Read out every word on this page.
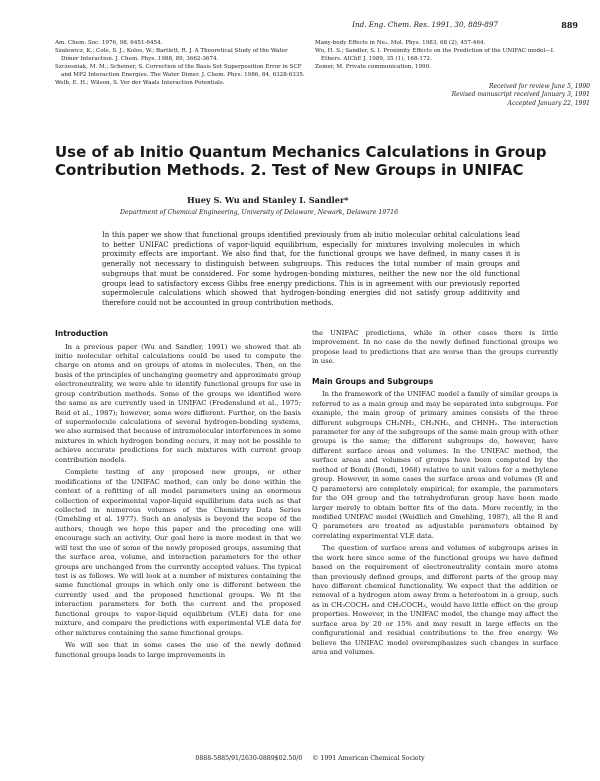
Ind. Eng. Chem. Res. 1991, 30, 889-897	889
Am. Chem. Soc. 1976, 98, 6451-6454.
Szalewicz, K.; Cole, S. J.; Kolos, W.; Bartlett, R. J. A Theoretical Study of the Water Dimer Interaction. J. Chem. Phys. 1988, 89, 3662-3674.
Szczesniak, M. M.; Scheiner, S. Correction of the Basis Set Superposition Error in SCF and MP2 Interaction Energies. The Water Dimer. J. Chem. Phys. 1986, 84, 6328-6335.
Welb, E. H.; Wilson, S. Ver der Waals Interaction Potentials.
Many-body Effects in Ne₂. Mol. Phys. 1983, 68 (2), 457-464.
Wu, H. S.; Sandler, S. I. Proximity Effects on the Prediction of the UNIFAC model—I. Ethers. AIChE J. 1989, 35 (1), 168-172.
Zemer, M. Private communication, 1990.
Received for review June 5, 1990
Revised manuscript received January 3, 1991
Accepted January 22, 1991
Use of ab Initio Quantum Mechanics Calculations in Group Contribution Methods. 2. Test of New Groups in UNIFAC
Huey S. Wu and Stanley I. Sandler*
Department of Chemical Engineering, University of Delaware, Newark, Delaware 19716

In this paper we show that functional groups identified previously from ab initio molecular orbital calculations lead to better UNIFAC predictions of vapor-liquid equilibrium, especially for mixtures involving molecules in which proximity effects are important. We also find that, for the functional groups we have defined, in many cases it is generally not necessary to distinguish between subgroups. This reduces the total number of main groups and subgroups that must be considered. For some hydrogen-bonding mixtures, neither the new nor the old functional groups lead to satisfactory excess Gibbs free energy predictions. This is in agreement with our previously reported supermolecule calculations which showed that hydrogen-bonding energies did not satisfy group additivity and therefore could not be accounted in group contribution methods.

Introduction

In a previous paper (Wu and Sandler, 1991) we showed that ab initio molecular orbital calculations could be used to compute the charge on atoms and on groups of atoms in molecules. Then, on the basis of the principles of unchanging geometry and approximate group electroneutrality, we were able to identify functional groups for use in group contribution methods. Some of the groups we identified were the same as are currently used in UNIFAC (Fredenslund et al., 1975; Reid et al., 1987); however, some were different. Further, on the basis of supermolecule calculations of several hydrogen-bonding systems, we also surmised that because of intramolecular interferences in some mixtures in which hydrogen bonding occurs, it may not be possible to achieve accurate predictions for such mixtures with current group contribution models.

Complete testing of any proposed new groups, or other modifications of the UNIFAC method, can only be done within the context of a refitting of all model parameters using an enormous collection of experimental vapor-liquid equilibrium data such as that collected in numerous volumes of the Chemistry Data Series (Gmehling et al. 1977). Such an analysis is beyond the scope of the authors, though we hope this paper and the preceding one will encourage such an activity. Our goal here is more modest in that we will test the use of some of the newly proposed groups, assuming that the surface area, volume, and interaction parameters for the other groups are unchanged from the currently accepted values. The typical test is as follows. We will look at a number of mixtures containing the same functional groups in which only one is different between the currently used and the proposed functional groups. We fit the interaction parameters for both the current and the proposed functional groups to vapor-liquid equilibrium (VLE) data for one mixture, and compare the predictions with experimental VLE data for other mixtures containing the same functional groups.

We will see that in some cases the use of the newly defined functional groups leads to large improvements in

the UNIFAC predictions, while in other cases there is little improvement. In no case do the newly defined functional groups we propose lead to predictions that are worse than the groups currently in use.

Main Groups and Subgroups

In the framework of the UNIFAC model a family of similar groups is referred to as a main group and may be separated into subgroups. For example, the main group of primary amines consists of the three different subgroups CH₃NH₂, CH₂NH₂, and CHNH₂. The interaction parameter for any of the subgroups of the same main group with other groups is the same; the different subgroups do, however, have different surface areas and volumes. In the UNIFAC method, the surface areas and volumes of groups have been computed by the method of Bondi (Bondi, 1968) relative to unit values for a methylene group. However, in some cases the surface areas and volumes (R and Q parameters) are completely empirical; for example, the parameters for the OH group and the tetrahydrofuran group have been made larger merely to obtain better fits of the data. More recently, in the modified UNIFAC model (Weidlich and Gmehling, 1987), all the R and Q parameters are treated as adjustable parameters obtained by correlating experimental VLE data.

The question of surface areas and volumes of subgroups arises in the work here since some of the functional groups we have defined based on the requirement of electroneutrality contain more atoms than previously defined groups, and different parts of the group may have different chemical functionality. We expect that the addition or removal of a hydrogen atom away from a heteroatom in a group, such as in CH₃COCH₃ and CH₂COCH₃, would have little effect on the group properties. However, in the UNIFAC model, the change may affect the surface area by 20 or 15% and may result in large effects on the configurational and residual contributions to the free energy. We believe the UNIFAC model overemphasizes such changes in surface area and volumes.

0888-5885/91/2630-0889$02.50/0 © 1991 American Chemical Society
